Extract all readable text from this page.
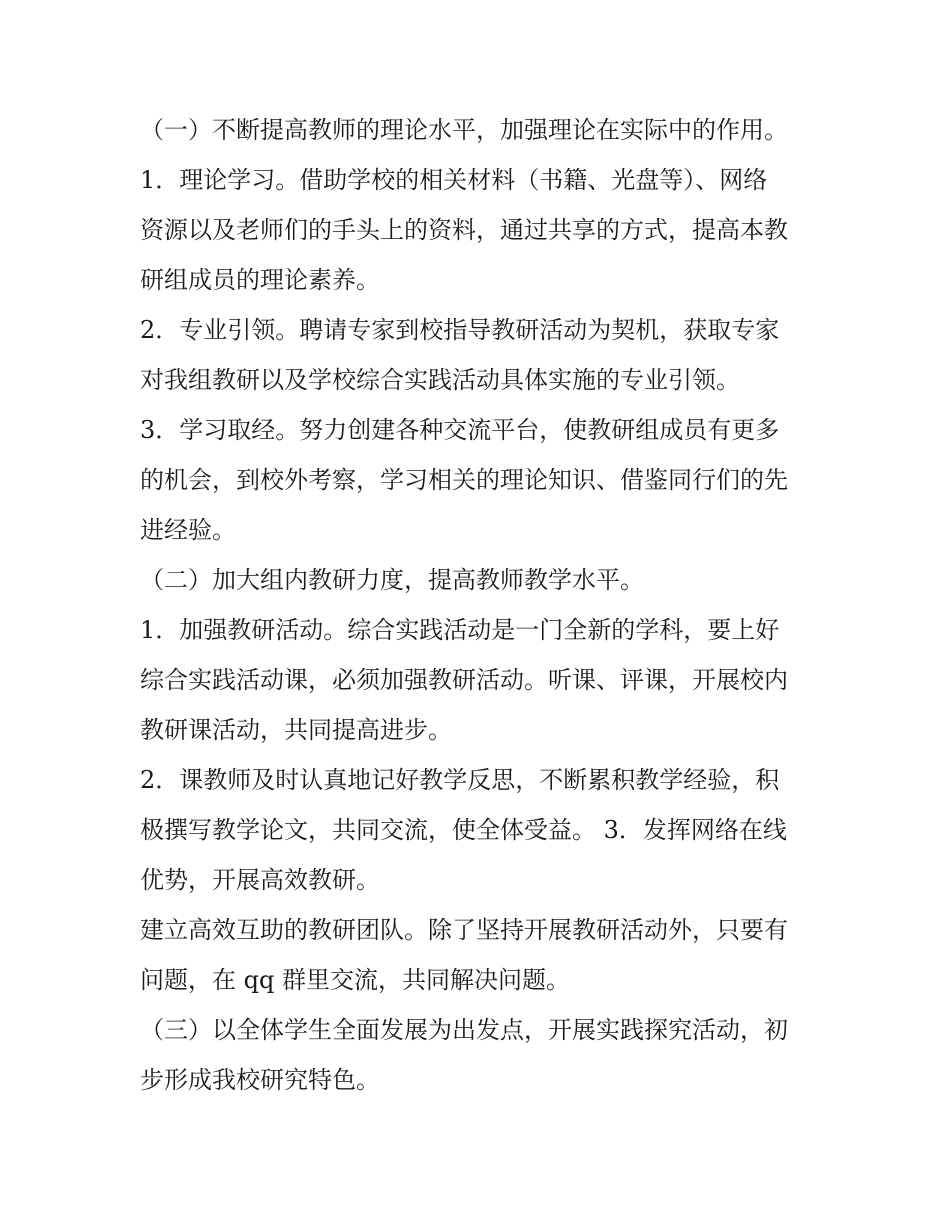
（一）不断提高教师的理论水平，加强理论在实际中的作用。

1．理论学习。借助学校的相关材料（书籍、光盘等）、网络

资源以及老师们的手头上的资料，通过共享的方式，提高本教

研组成员的理论素养。

2．专业引领。聘请专家到校指导教研活动为契机，获取专家

对我组教研以及学校综合实践活动具体实施的专业引领。

3．学习取经。努力创建各种交流平台，使教研组成员有更多

的机会，到校外考察，学习相关的理论知识、借鉴同行们的先

进经验。

（二）加大组内教研力度，提高教师教学水平。

1．加强教研活动。综合实践活动是一门全新的学科，要上好

综合实践活动课，必须加强教研活动。听课、评课，开展校内

教研课活动，共同提高进步。

2．课教师及时认真地记好教学反思，不断累积教学经验，积

极撰写教学论文，共同交流，使全体受益。 3．发挥网络在线

优势，开展高效教研。

建立高效互助的教研团队。除了坚持开展教研活动外，只要有

问题，在 qq 群里交流，共同解决问题。

（三）以全体学生全面发展为出发点，开展实践探究活动，初

步形成我校研究特色。
